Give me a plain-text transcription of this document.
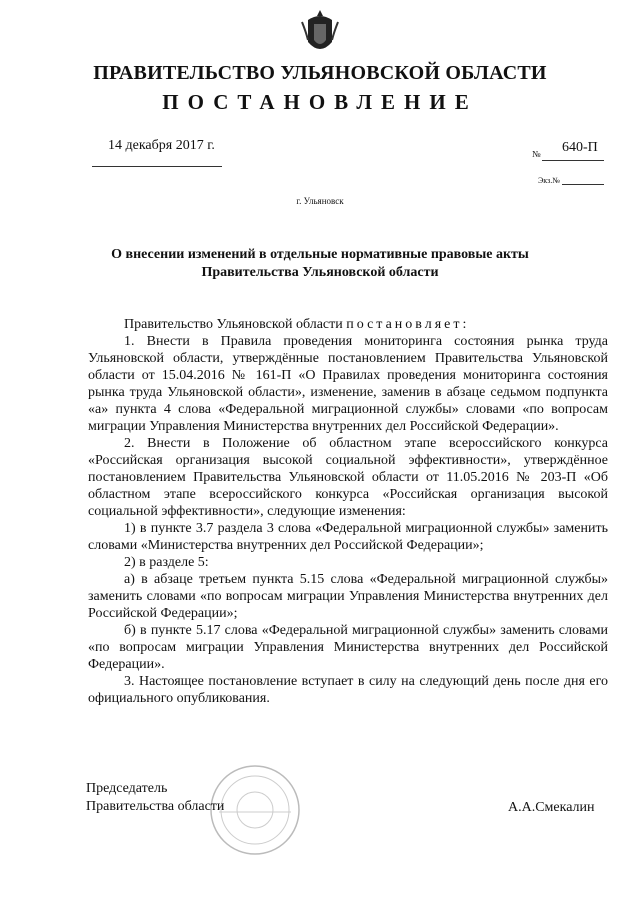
ПРАВИТЕЛЬСТВО УЛЬЯНОВСКОЙ ОБЛАСТИ
ПОСТАНОВЛЕНИЕ
14 декабря 2017 г.
№ 640-П
Экз.№
г. Ульяновск
О внесении изменений в отдельные нормативные правовые акты
Правительства Ульяновской области

Правительство Ульяновской области постановляет:

1. Внести в Правила проведения мониторинга состояния рынка труда Ульяновской области, утверждённые постановлением Правительства Ульяновской области от 15.04.2016 № 161-П «О Правилах проведения мониторинга состояния рынка труда Ульяновской области», изменение, заменив в абзаце седьмом подпункта «а» пункта 4 слова «Федеральной миграционной службы» словами «по вопросам миграции Управления Министерства внутренних дел Российской Федерации».

2. Внести в Положение об областном этапе всероссийского конкурса «Российская организация высокой социальной эффективности», утверждённое постановлением Правительства Ульяновской области от 11.05.2016 № 203-П «Об областном этапе всероссийского конкурса «Российская организация высокой социальной эффективности», следующие изменения:

1) в пункте 3.7 раздела 3 слова «Федеральной миграционной службы» заменить словами «Министерства внутренних дел Российской Федерации»;

2) в разделе 5:

а) в абзаце третьем пункта 5.15 слова «Федеральной миграционной службы» заменить словами «по вопросам миграции Управления Министерства внутренних дел Российской Федерации»;

б) в пункте 5.17 слова «Федеральной миграционной службы» заменить словами «по вопросам миграции Управления Министерства внутренних дел Российской Федерации».

3. Настоящее постановление вступает в силу на следующий день после дня его официального опубликования.

Председатель
Правительства области	А.А.Смекалин
